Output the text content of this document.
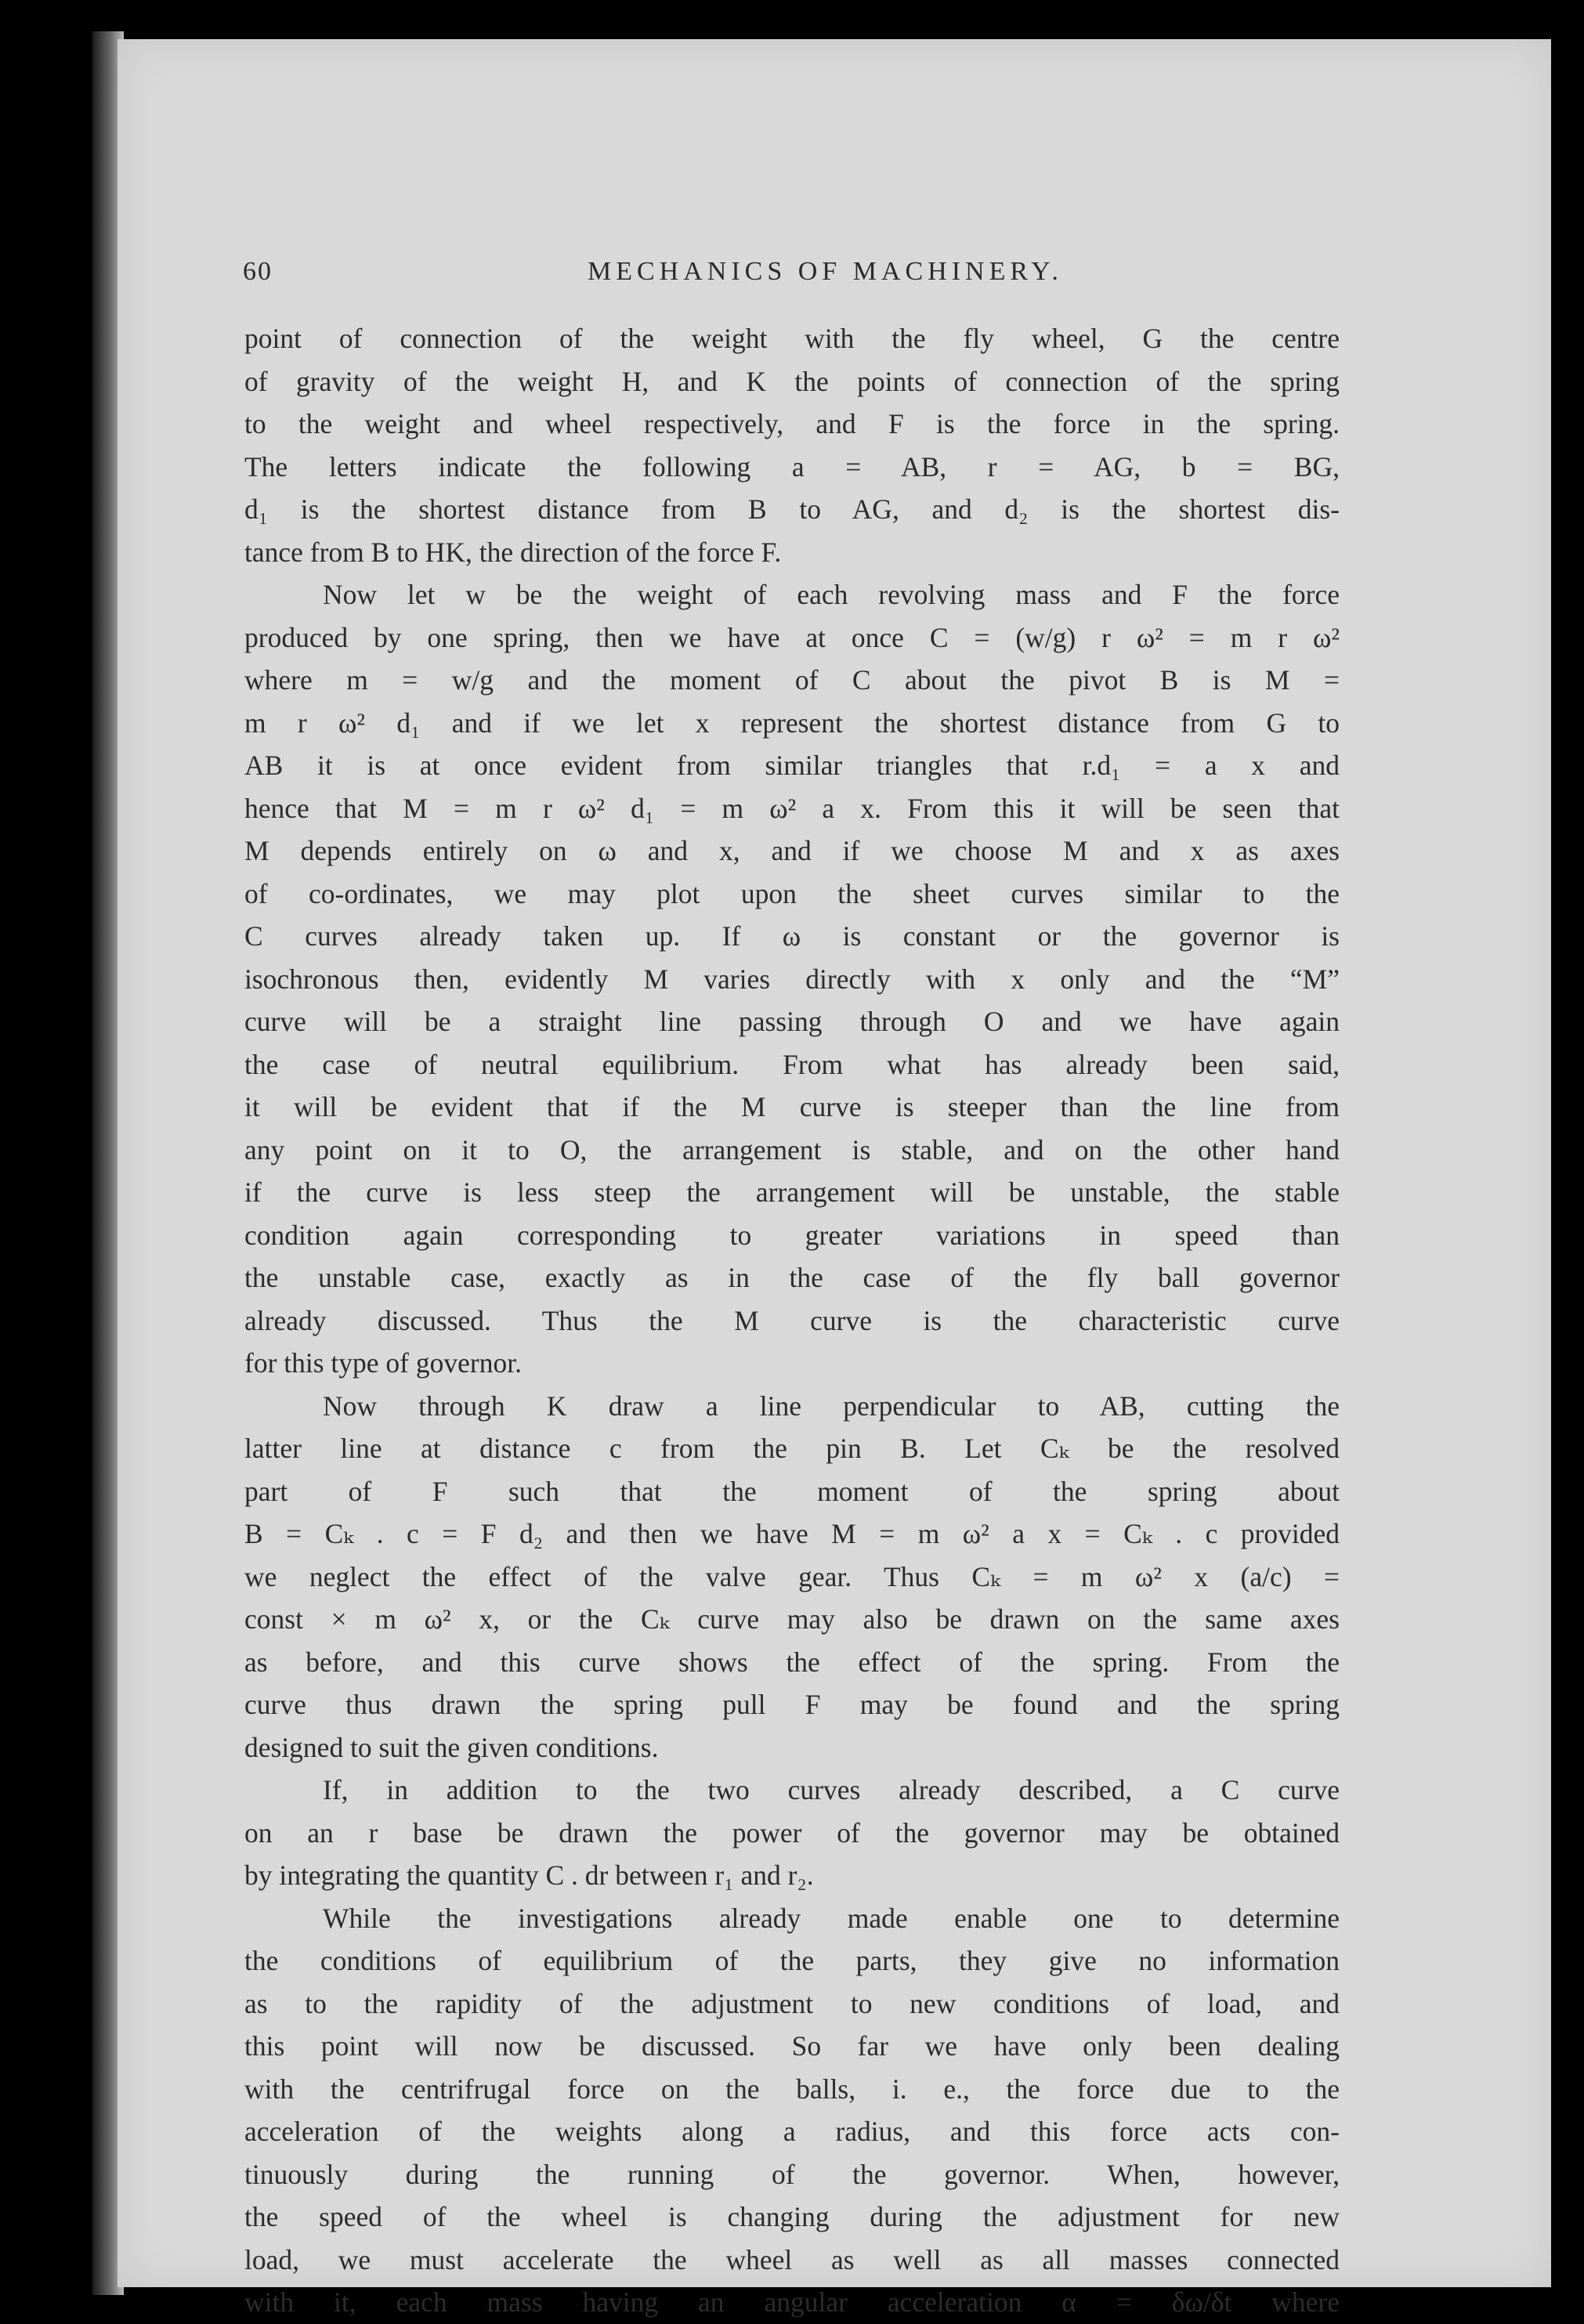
60	MECHANICS OF MACHINERY.
point of connection of the weight with the fly wheel, G the centre
of gravity of the weight H, and K the points of connection of the spring
to the weight and wheel respectively, and F is the force in the spring.
The letters indicate the following a = AB, r = AG, b = BG,
d₁ is the shortest distance from B to AG, and d₂ is the shortest dis-
tance from B to HK, the direction of the force F.
Now let w be the weight of each revolving mass and F the force
produced by one spring, then we have at once C = (w/g) r ω² = m r ω²
where m = w/g and the moment of C about the pivot B is M =
m r ω² d₁ and if we let x represent the shortest distance from G to
AB it is at once evident from similar triangles that r.d₁ = a x and
hence that M = m r ω² d₁ = m ω² a x. From this it will be seen that
M depends entirely on ω and x, and if we choose M and x as axes
of co-ordinates, we may plot upon the sheet curves similar to the
C curves already taken up. If ω is constant or the governor is
isochronous then, evidently M varies directly with x only and the “M”
curve will be a straight line passing through O and we have again
the case of neutral equilibrium. From what has already been said,
it will be evident that if the M curve is steeper than the line from
any point on it to O, the arrangement is stable, and on the other hand
if the curve is less steep the arrangement will be unstable, the stable
condition again corresponding to greater variations in speed than
the unstable case, exactly as in the case of the fly ball governor
already discussed. Thus the M curve is the characteristic curve
for this type of governor.
Now through K draw a line perpendicular to AB, cutting the
latter line at distance c from the pin B. Let Cₖ be the resolved
part of F such that the moment of the spring about
B = Cₖ . c = F d₂ and then we have M = m ω² a x = Cₖ . c provided
we neglect the effect of the valve gear. Thus Cₖ = m ω² x (a/c) =
const × m ω² x, or the Cₖ curve may also be drawn on the same axes
as before, and this curve shows the effect of the spring. From the
curve thus drawn the spring pull F may be found and the spring
designed to suit the given conditions.
If, in addition to the two curves already described, a C curve
on an r base be drawn the power of the governor may be obtained
by integrating the quantity C . dr between r₁ and r₂.
While the investigations already made enable one to determine
the conditions of equilibrium of the parts, they give no information
as to the rapidity of the adjustment to new conditions of load, and
this point will now be discussed. So far we have only been dealing
with the centrifrugal force on the balls, i. e., the force due to the
acceleration of the weights along a radius, and this force acts con-
tinuously during the running of the governor. When, however,
the speed of the wheel is changing during the adjustment for new
load, we must accelerate the wheel as well as all masses connected
with it, each mass having an angular acceleration α = δω/δt where
